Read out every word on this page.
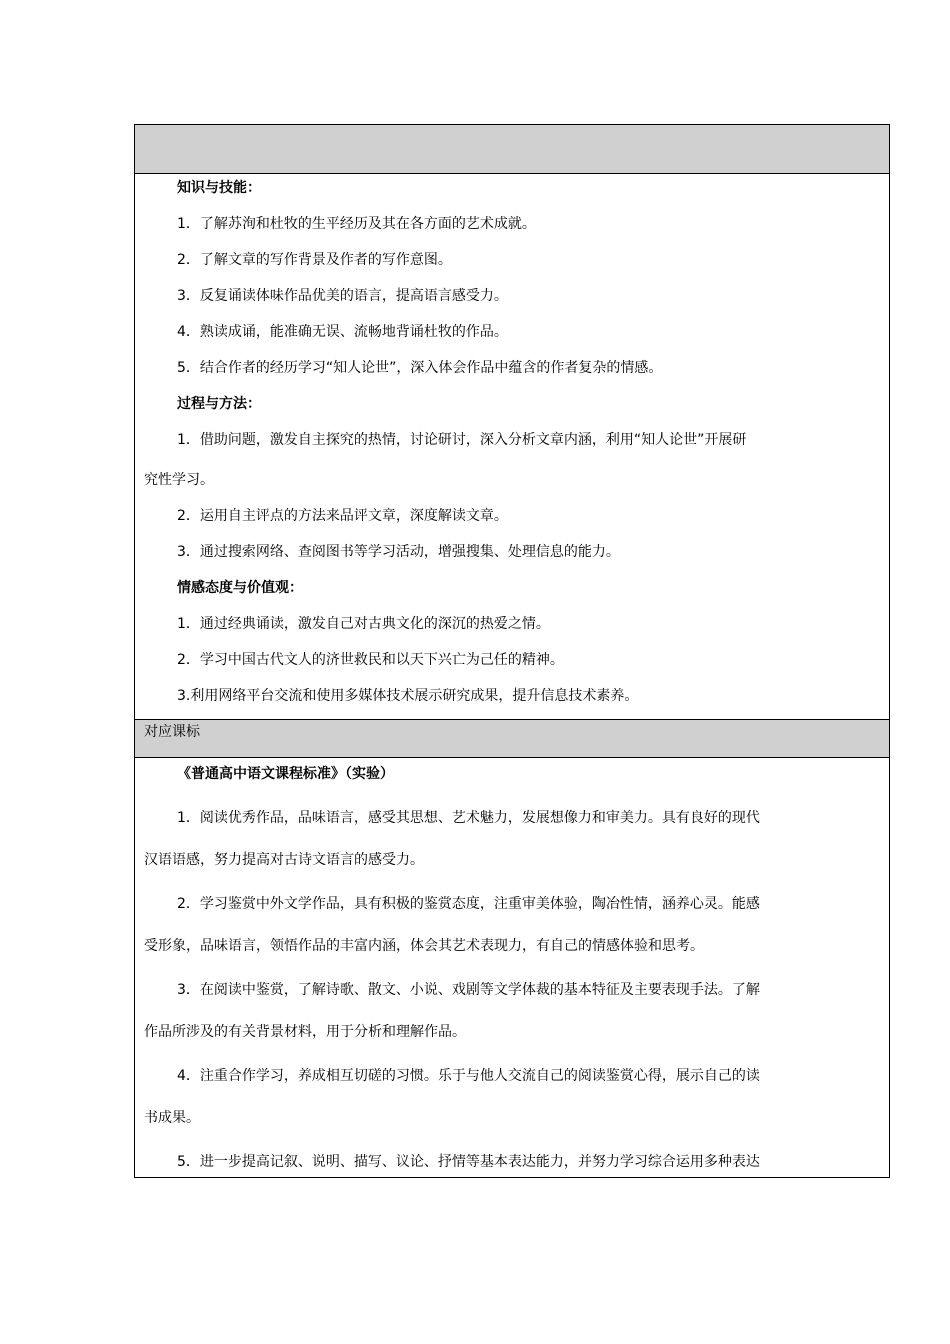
知识与技能：
1．了解苏洵和杜牧的生平经历及其在各方面的艺术成就。
2．了解文章的写作背景及作者的写作意图。
3．反复诵读体味作品优美的语言，提高语言感受力。
4．熟读成诵，能准确无误、流畅地背诵杜牧的作品。
5．结合作者的经历学习“知人论世”，深入体会作品中蕴含的作者复杂的情感。
过程与方法：
1．借助问题，激发自主探究的热情，讨论研讨，深入分析文章内涵，利用“知人论世”开展研
究性学习。
2．运用自主评点的方法来品评文章，深度解读文章。
3．通过搜索网络、查阅图书等学习活动，增强搜集、处理信息的能力。
情感态度与价值观：
1．通过经典诵读，激发自己对古典文化的深沉的热爱之情。
2．学习中国古代文人的济世救民和以天下兴亡为己任的精神。
3.利用网络平台交流和使用多媒体技术展示研究成果，提升信息技术素养。
对应课标
《普通高中语文课程标准》（实验）
1．阅读优秀作品，品味语言，感受其思想、艺术魅力，发展想像力和审美力。具有良好的现代
汉语语感，努力提高对古诗文语言的感受力。
2．学习鉴赏中外文学作品，具有积极的鉴赏态度，注重审美体验，陶冶性情，涵养心灵。能感
受形象，品味语言，领悟作品的丰富内涵，体会其艺术表现力，有自己的情感体验和思考。
3．在阅读中鉴赏，了解诗歌、散文、小说、戏剧等文学体裁的基本特征及主要表现手法。了解
作品所涉及的有关背景材料，用于分析和理解作品。
4．注重合作学习，养成相互切磋的习惯。乐于与他人交流自己的阅读鉴赏心得，展示自己的读
书成果。
5．进一步提高记叙、说明、描写、议论、抒情等基本表达能力，并努力学习综合运用多种表达
